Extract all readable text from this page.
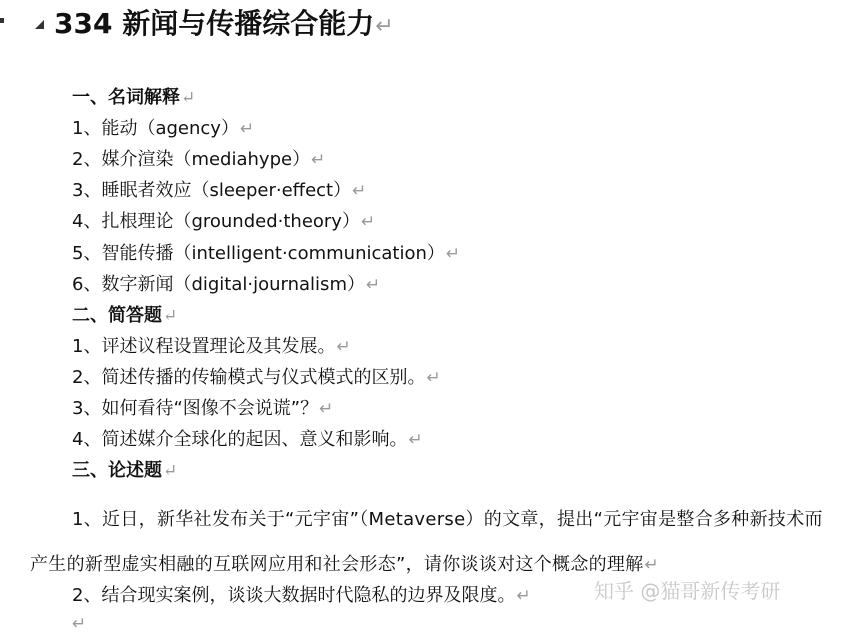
334 新闻与传播综合能力↵
一、名词解释↵
1、能动（agency）↵
2、媒介渲染（mediahype）↵
3、睡眠者效应（sleeper·effect）↵
4、扎根理论（grounded·theory）↵
5、智能传播（intelligent·communication）↵
6、数字新闻（digital·journalism）↵
二、简答题↵
1、评述议程设置理论及其发展。↵
2、简述传播的传输模式与仪式模式的区别。↵
3、如何看待“图像不会说谎”？↵
4、简述媒介全球化的起因、意义和影响。↵
三、论述题↵
1、近日，新华社发布关于“元宇宙”（Metaverse）的文章，提出“元宇宙是整合多种新技术而产生的新型虚实相融的互联网应用和社会形态”，请你谈谈对这个概念的理解↵
2、结合现实案例，谈谈大数据时代隐私的边界及限度。↵
↵
知乎 @猫哥新传考研
